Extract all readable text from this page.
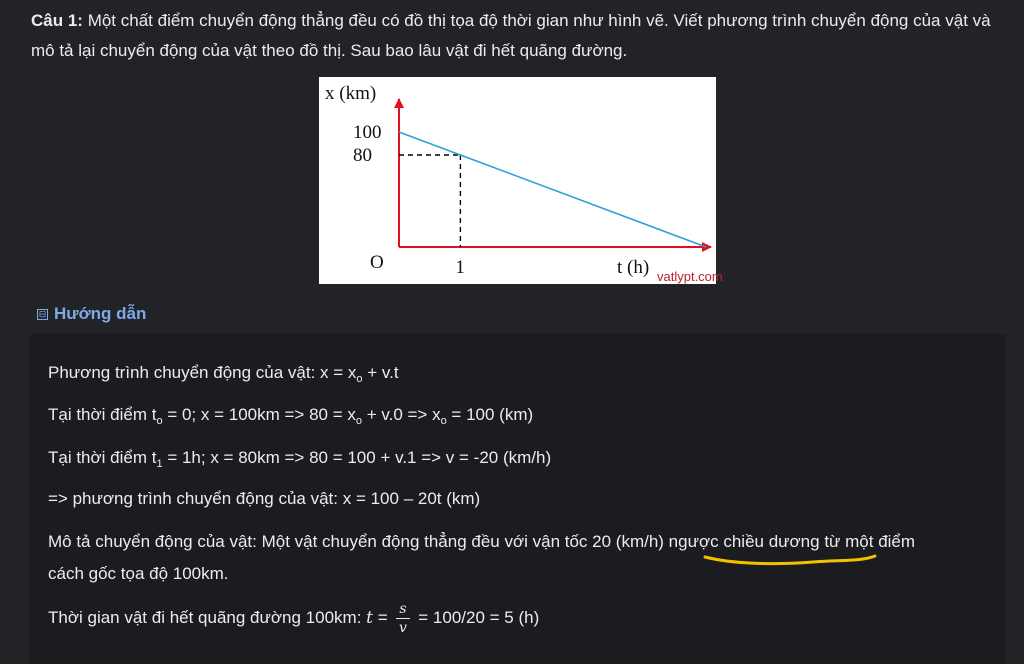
Câu 1: Một chất điểm chuyển động thẳng đều có đồ thị tọa độ thời gian như hình vẽ. Viết phương trình chuyển động của vật và mô tả lại chuyển động của vật theo đồ thị. Sau bao lâu vật đi hết quãng đường.
x (km)
t (h)
O
100
80
1	vatlypt.com
⊟ Hướng dẫn
Phương trình chuyển động của vật: $x = x_o + v.t$
Tại thời điểm $t_o = 0$; $x = 100km => 80 = x_o + v.0 => x_o = 100$ (km)
Tại thời điểm $t_1 = 1h$; x = 80km => 80 = 100 + v.1 => v = -20 (km/h)
=> phương trình chuyển động của vật: x = 100 – 20t (km)
Mô tả chuyển động của vật: Một vật chuyển động thẳng đều với vận tốc 20 (km/h) ngược chiều dương từ một điểm
cách gốc tọa độ 100km.
Thời gian vật đi hết quãng đường 100km: $t = \frac{s}{v} = 100/20 = 5$ (h)
